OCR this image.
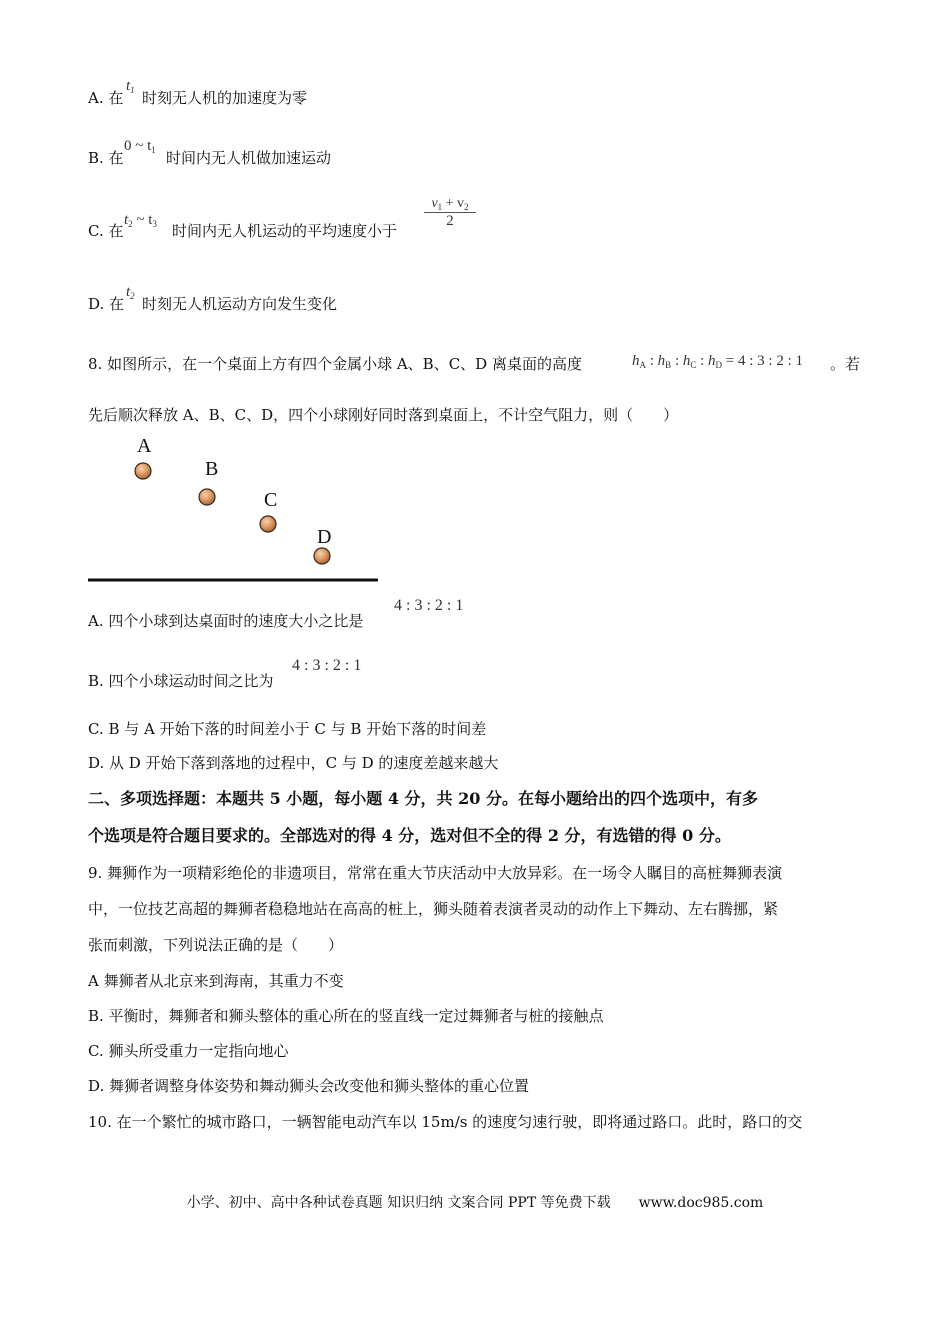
A. 在
$t_1$ 时刻无人机的加速度为零
B. 在
0 ~ $t_1$ 时间内无人机做加速运动
C. 在
$t_2$ ~ $t_3$ 时间内无人机运动的平均速度小于
$\frac{v_1 + v_2}{2}$
D. 在
$t_2$ 时刻无人机运动方向发生变化
8. 如图所示，在一个桌面上方有四个金属小球 A、B、C、D 离桌面的高度	$h_A$ : $h_B$ : $h_C$ : $h_D = 4$ : 3 : 2 : 1 。若
先后顺次释放 A、B、C、D，四个小球刚好同时落到桌面上，不计空气阻力，则（　　）
A
B
C
D
A. 四个小球到达桌面时的速度大小之比是
4 : 3 : 2 : 1
B. 四个小球运动时间之比为
4 : 3 : 2 : 1
C. B 与 A 开始下落的时间差小于 C 与 B 开始下落的时间差
D. 从 D 开始下落到落地的过程中，C 与 D 的速度差越来越大
二、多项选择题：本题共 5 小题，每小题 4 分，共 20 分。在每小题给出的四个选项中，有多
个选项是符合题目要求的。全部选对的得 4 分，选对但不全的得 2 分，有选错的得 0 分。
9. 舞狮作为一项精彩绝伦的非遗项目，常常在重大节庆活动中大放异彩。在一场令人瞩目的高桩舞狮表演
中，一位技艺高超的舞狮者稳稳地站在高高的桩上，狮头随着表演者灵动的动作上下舞动、左右腾挪，紧
张而刺激，下列说法正确的是（　　）
A 舞狮者从北京来到海南，其重力不变
B. 平衡时，舞狮者和狮头整体的重心所在的竖直线一定过舞狮者与桩的接触点
C. 狮头所受重力一定指向地心
D. 舞狮者调整身体姿势和舞动狮头会改变他和狮头整体的重心位置
10. 在一个繁忙的城市路口，一辆智能电动汽车以 15m/s 的速度匀速行驶，即将通过路口。此时，路口的交
小学、初中、高中各种试卷真题 知识归纳 文案合同 PPT 等免费下载 www.doc985.com
